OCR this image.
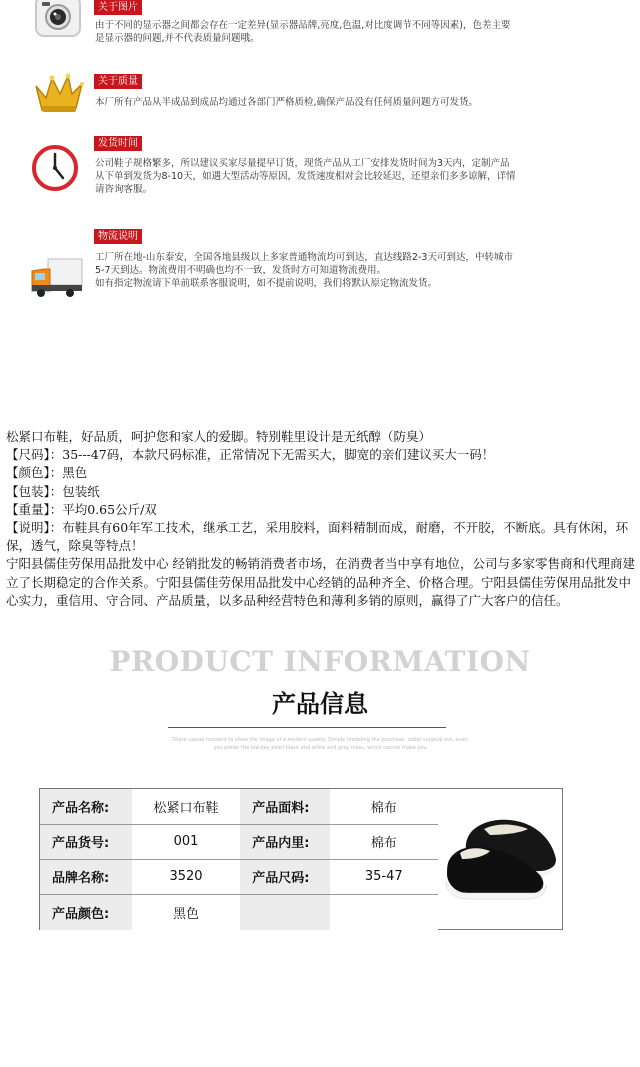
关于图片
由于不同的显示器之间都会存在一定差异(显示器品牌,亮度,色温,对比度调节不同等因素)，色差主要
是显示器的问题,并不代表质量问题哦。
关于质量
本厂所有产品从半成品到成品均通过各部门严格质检,确保产品没有任何质量问题方可发货。
发货时间
公司鞋子规格繁多，所以建议买家尽量提早订货，现货产品从工厂安排发货时间为3天内，定制产品
从下单到发货为8-10天，如遇大型活动等原因，发货速度相对会比较延迟，还望亲们多多谅解，详情
请咨询客服。
物流说明
工厂所在地-山东泰安，全国各地县级以上多家普通物流均可到达，直达线路2-3天可到达，中转城市
5-7天到达。物流费用不明确也均不一致，发货时方可知道物流费用。
如有指定物流请下单前联系客服说明，如不提前说明，我们将默认原定物流发货。

松紧口布鞋，好品质，呵护您和家人的爱脚。特别鞋里设计是无纸醇（防臭）

【尺码】：35---47码，本款尺码标准，正常情况下无需买大，脚宽的亲们建议买大一码！

【颜色】：黑色

【包装】：包装纸

【重量】：平均0.65公斤/双

【说明】：布鞋具有60年军工技术，继承工艺，采用胶料，面料精制而成，耐磨，不开胶，不断底。具有休闲，环保，透气，除臭等特点！

宁阳县儒佳劳保用品批发中心 经销批发的畅销消费者市场，在消费者当中享有地位，公司与多家零售商和代理商建立了长期稳定的合作关系。宁阳县儒佳劳保用品批发中心经销的品种齐全、价格合理。宁阳县儒佳劳保用品批发中心实力，重信用、守合同、产品质量，以多品种经营特色和薄利多销的原则，赢得了广大客户的信任。

PRODUCT INFORMATION
产品信息
Share casual moment to show the image of a modern quality. Simple modeling the purchase, sober surgical out, even
you prefer the low-key pearl black and white and gray mass, which cannot make you
产品名称:	松紧口布鞋	产品面料:	棉布
产品货号:	001	产品内里:	棉布
品牌名称:	3520	产品尺码:	35-47
产品颜色:	黑色		
